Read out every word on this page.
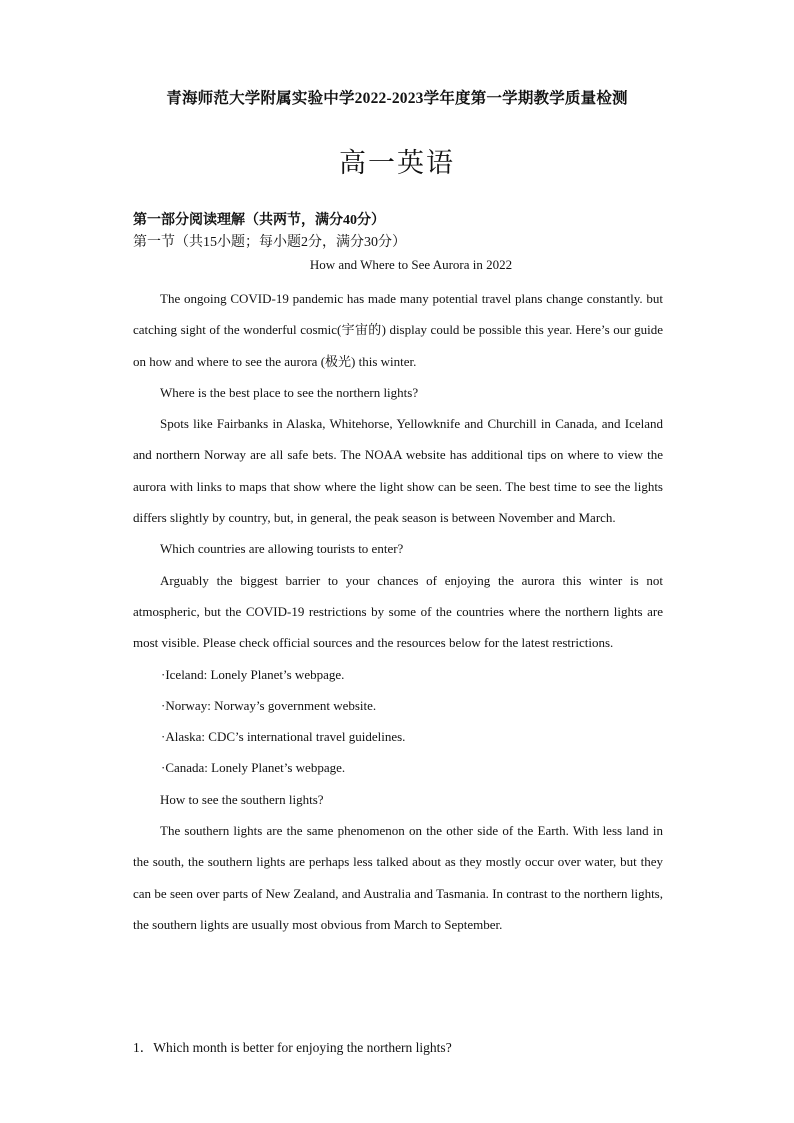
青海师范大学附属实验中学2022-2023学年度第一学期教学质量检测
高一英语
第一部分阅读理解（共两节，满分40分）
第一节（共15小题；每小题2分，满分30分）
How and Where to See Aurora in 2022

The ongoing COVID-19 pandemic has made many potential travel plans change constantly. but catching sight of the wonderful cosmic(宇宙的) display could be possible this year. Here’s our guide on how and where to see the aurora (极光) this winter.

Where is the best place to see the northern lights?

Spots like Fairbanks in Alaska, Whitehorse, Yellowknife and Churchill in Canada, and Iceland and northern Norway are all safe bets. The NOAA website has additional tips on where to view the aurora with links to maps that show where the light show can be seen. The best time to see the lights differs slightly by country, but, in general, the peak season is between November and March.

Which countries are allowing tourists to enter?

Arguably the biggest barrier to your chances of enjoying the aurora this winter is not atmospheric, but the COVID-19 restrictions by some of the countries where the northern lights are most visible. Please check official sources and the resources below for the latest restrictions.

·Iceland: Lonely Planet’s webpage.

·Norway: Norway’s government website.

·Alaska: CDC’s international travel guidelines.

·Canada: Lonely Planet’s webpage.

How to see the southern lights?

The southern lights are the same phenomenon on the other side of the Earth. With less land in the south, the southern lights are perhaps less talked about as they mostly occur over water, but they can be seen over parts of New Zealand, and Australia and Tasmania. In contrast to the northern lights, the southern lights are usually most obvious from March to September.

1．Which month is better for enjoying the northern lights?
